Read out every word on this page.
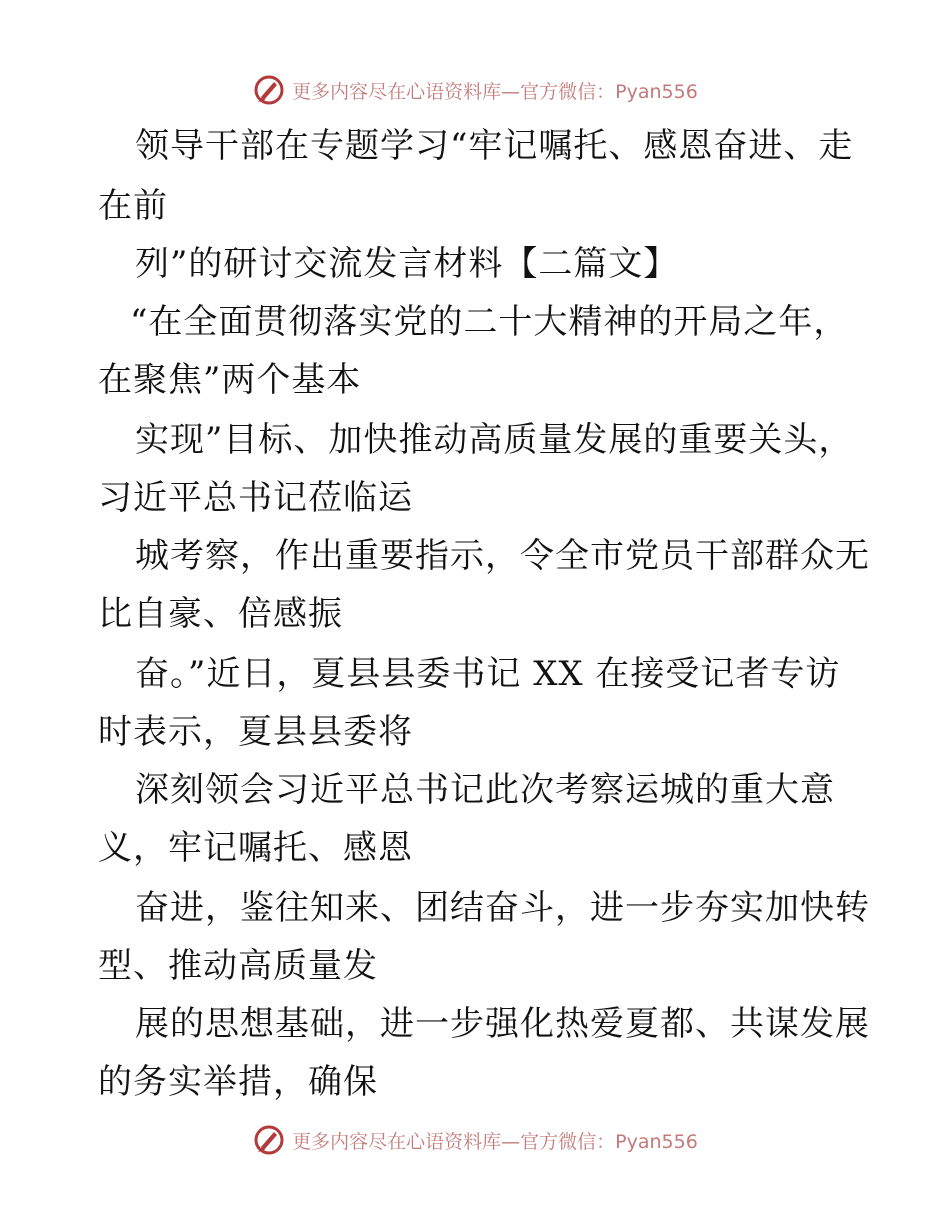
更多内容尽在心语资料库—官方微信：Pyan556
领导干部在专题学习“牢记嘱托、感恩奋进、走
在前
列”的研讨交流发言材料【二篇文】
“在全面贯彻落实党的二十大精神的开局之年，
在聚焦”两个基本
实现”目标、加快推动高质量发展的重要关头，
习近平总书记莅临运
城考察，作出重要指示，令全市党员干部群众无
比自豪、倍感振
奋。”近日，夏县县委书记 XX 在接受记者专访
时表示，夏县县委将
深刻领会习近平总书记此次考察运城的重大意
义，牢记嘱托、感恩
奋进，鉴往知来、团结奋斗，进一步夯实加快转
型、推动高质量发
展的思想基础，进一步强化热爱夏都、共谋发展
的务实举措，确保
更多内容尽在心语资料库—官方微信：Pyan556
